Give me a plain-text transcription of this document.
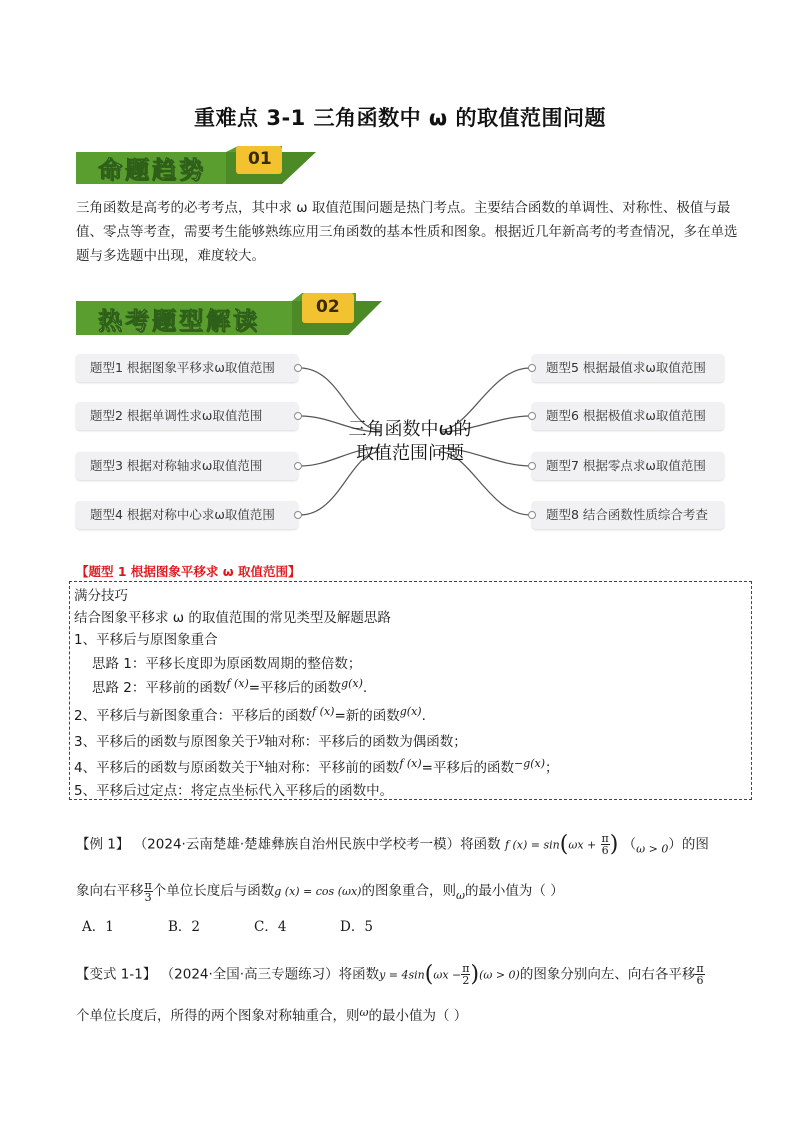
重难点 3-1 三角函数中 ω 的取值范围问题
命题趋势 01
三角函数是高考的必考考点，其中求 ω 取值范围问题是热门考点。主要结合函数的单调性、对称性、极值与最值、零点等考查，需要考生能够熟练应用三角函数的基本性质和图象。根据近几年新高考的考查情况，多在单选题与多选题中出现，难度较大。
热考题型解读	02
题型1 根据图象平移求ω取值范围
题型2 根据单调性求ω取值范围
题型3 根据对称轴求ω取值范围
题型4 根据对称中心求ω取值范围
题型5 根据最值求ω取值范围
题型6 根据极值求ω取值范围
题型7 根据零点求ω取值范围
题型8 结合函数性质综合考查
三角函数中ω的
取值范围问题
【题型 1 根据图象平移求 ω 取值范围】
满分技巧
结合图象平移求 ω 的取值范围的常见类型及解题思路
1、平移后与原图象重合
思路 1：平移长度即为原函数周期的整倍数；
思路 2：平移前的函数$^{f (x)}$=平移后的函数$^{g(x)}$.
2、平移后与新图象重合：平移后的函数$^{f (x)}$=新的函数$^{g(x)}$.
3、平移后的函数与原图象关于$^y$轴对称：平移后的函数为偶函数；
4、平移后的函数与原函数关于$^x$轴对称：平移前的函数$^{f (x)}$=平移后的函数$^{-g(x)}$；
5、平移后过定点：将定点坐标代入平移后的函数中。
【例 1】 （2024·云南楚雄·楚雄彝族自治州民族中学校考一模）将函数 f $(x) = \sin(\omega x + \frac{\pi}{6}$ ) $(_{\omega > 0})$的图
象向右平移 $\frac{\pi}{3}$ 个单位长度后与函数g (x) = cos (ωx)的图象重合，则$_\omega$的最小值为（ ）
A．1	B．2	C．4	D．5
【变式 1-1】 （2024·全国·高三专题练习）将函数$y = 4\sin(\omega x - \frac{\pi}{2} )(\omega > 0)$的图象分别向左、向右各平移 $\frac{\pi}{6}$
个单位长度后，所得的两个图象对称轴重合，则$^\omega$的最小值为（ ）
